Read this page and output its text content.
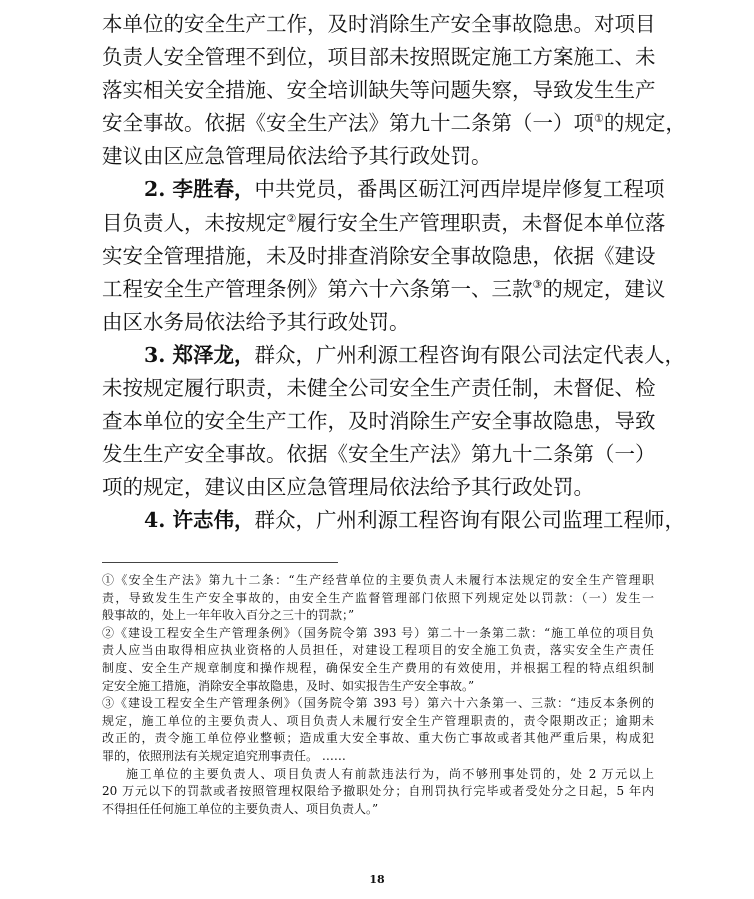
本单位的安全生产工作，及时消除生产安全事故隐患。对项目
负责人安全管理不到位，项目部未按照既定施工方案施工、未
落实相关安全措施、安全培训缺失等问题失察，导致发生生产
安全事故。依据《安全生产法》第九十二条第（一）项①的规定，
建议由区应急管理局依法给予其行政处罚。
2. 李胜春，中共党员，番禺区砺江河西岸堤岸修复工程项
目负责人，未按规定②履行安全生产管理职责，未督促本单位落
实安全管理措施，未及时排查消除安全事故隐患，依据《建设
工程安全生产管理条例》第六十六条第一、三款③的规定，建议
由区水务局依法给予其行政处罚。
3. 郑泽龙，群众，广州利源工程咨询有限公司法定代表人，
未按规定履行职责，未健全公司安全生产责任制，未督促、检
查本单位的安全生产工作，及时消除生产安全事故隐患，导致
发生生产安全事故。依据《安全生产法》第九十二条第（一）
项的规定，建议由区应急管理局依法给予其行政处罚。
4. 许志伟，群众，广州利源工程咨询有限公司监理工程师，
①《安全生产法》第九十二条：“生产经营单位的主要负责人未履行本法规定的安全生产管理职
责，导致发生生产安全事故的，由安全生产监督管理部门依照下列规定处以罚款：（一）发生一
般事故的，处上一年年收入百分之三十的罚款；”
②《建设工程安全生产管理条例》（国务院令第 393 号）第二十一条第二款：“施工单位的项目负
责人应当由取得相应执业资格的人员担任，对建设工程项目的安全施工负责，落实安全生产责任
制度、安全生产规章制度和操作规程，确保安全生产费用的有效使用，并根据工程的特点组织制
定安全施工措施，消除安全事故隐患，及时、如实报告生产安全事故。”
③《建设工程安全生产管理条例》（国务院令第 393 号）第六十六条第一、三款：“违反本条例的
规定，施工单位的主要负责人、项目负责人未履行安全生产管理职责的，责令限期改正；逾期未
改正的，责令施工单位停业整顿；造成重大安全事故、重大伤亡事故或者其他严重后果，构成犯
罪的，依照刑法有关规定追究刑事责任。 ……
施工单位的主要负责人、项目负责人有前款违法行为，尚不够刑事处罚的，处 2 万元以上
20 万元以下的罚款或者按照管理权限给予撤职处分；自刑罚执行完毕或者受处分之日起，5 年内
不得担任任何施工单位的主要负责人、项目负责人。”
18
